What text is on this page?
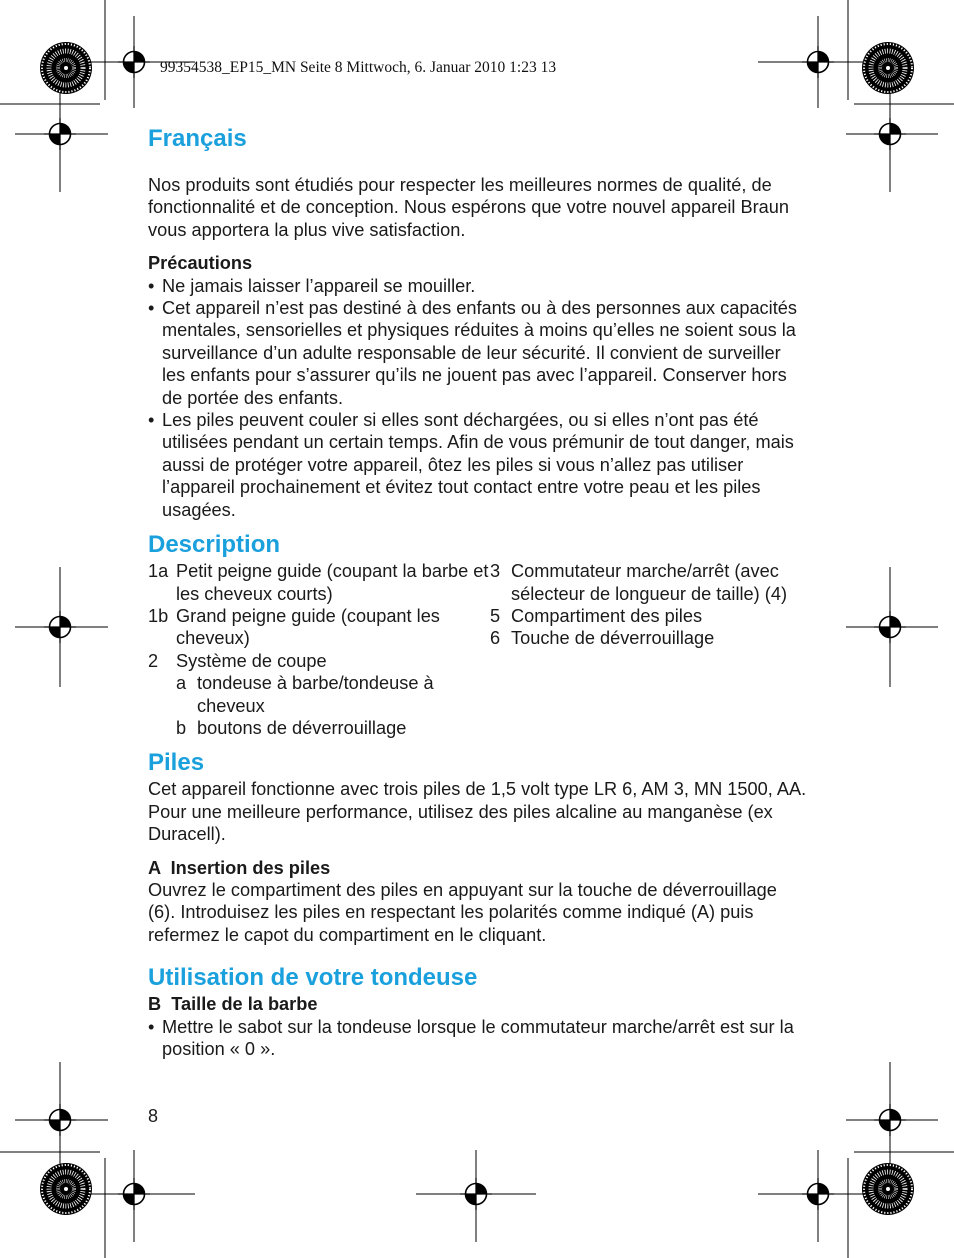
99354538_EP15_MN Seite 8 Mittwoch, 6. Januar 2010 1:23 13
Français

Nos produits sont étudiés pour respecter les meilleures normes de qualité, de fonctionnalité et de conception. Nous espérons que votre nouvel appareil Braun vous apportera la plus vive satisfaction.

Précautions

• Ne jamais laisser l’appareil se mouiller.
• Cet appareil n’est pas destiné à des enfants ou à des personnes aux capacités mentales, sensorielles et physiques réduites à moins qu’elles ne soient sous la surveillance d’un adulte responsable de leur sécurité. Il convient de surveiller les enfants pour s’assurer qu’ils ne jouent pas avec l’appareil. Conserver hors de portée des enfants.
• Les piles peuvent couler si elles sont déchargées, ou si elles n’ont pas été utilisées pendant un certain temps. Afin de vous prémunir de tout danger, mais aussi de protéger votre appareil, ôtez les piles si vous n’allez pas utiliser l’appareil prochainement et évitez tout contact entre votre peau et les piles usagées.
Description
1a Petit peigne guide (coupant la barbe et les cheveux courts)
1b Grand peigne guide (coupant les cheveux)
2 Système de coupe
a tondeuse à barbe/tondeuse à cheveux
b boutons de déverrouillage
3 Commutateur marche/arrêt (avec sélecteur de longueur de taille) (4)
5 Compartiment des piles
6 Touche de déverrouillage
Piles

Cet appareil fonctionne avec trois piles de 1,5 volt type LR 6, AM 3, MN 1500, AA. Pour une meilleure performance, utilisez des piles alcaline au manganèse (ex Duracell).

A  Insertion des piles

Ouvrez le compartiment des piles en appuyant sur la touche de déverrouillage (6). Introduisez les piles en respectant les polarités comme indiqué (A) puis refermez le capot du compartiment en le cliquant.

Utilisation de votre tondeuse

B  Taille de la barbe

• Mettre le sabot sur la tondeuse lorsque le commutateur marche/arrêt est sur la position « 0 ».
8
